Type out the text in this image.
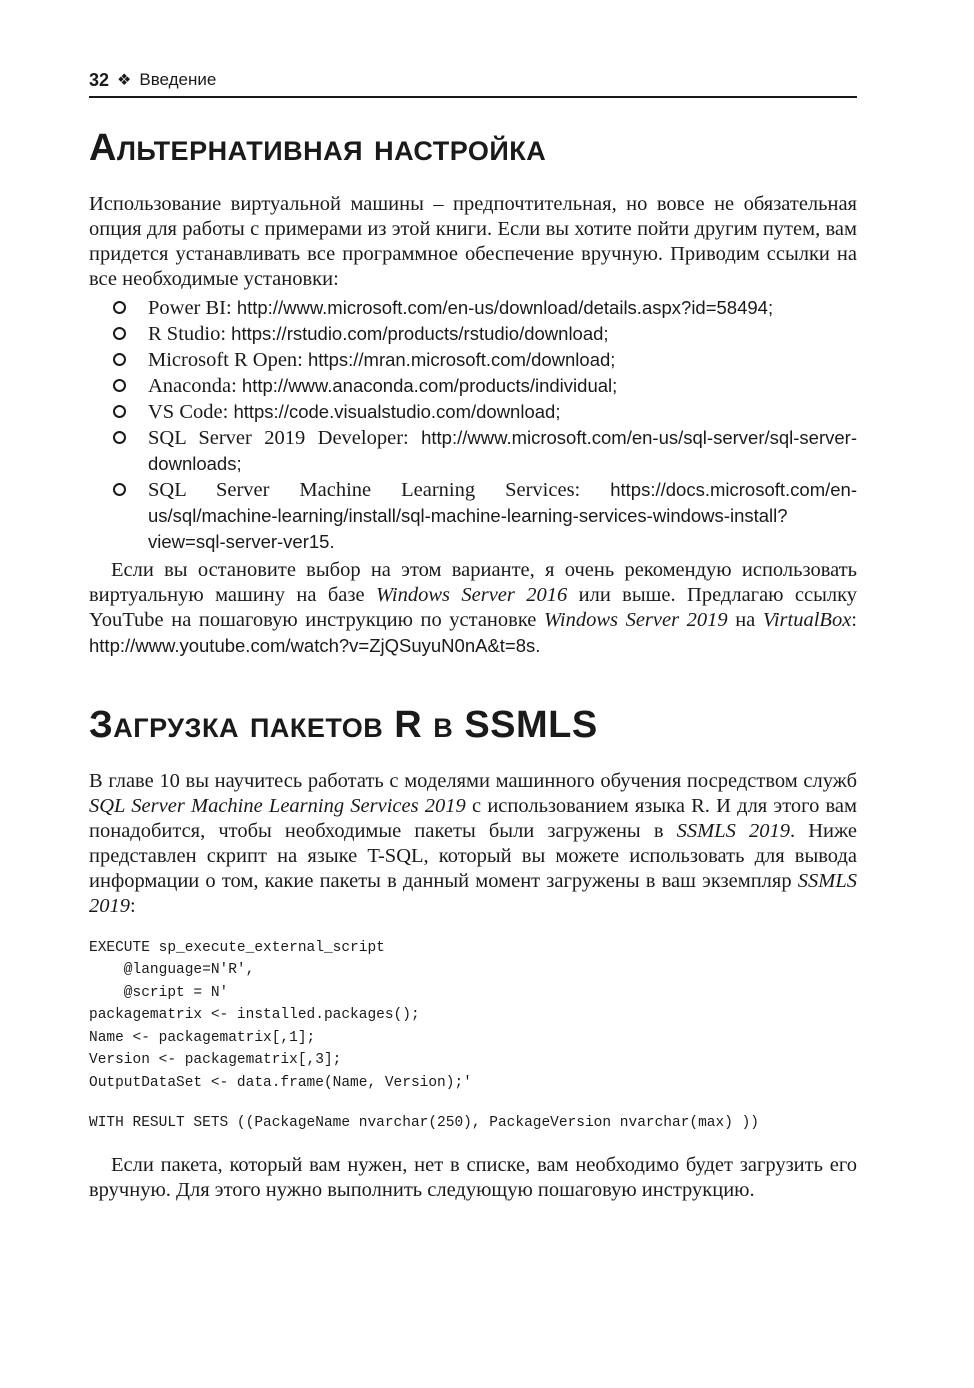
32 ❖ Введение
Альтернативная настройка

Использование виртуальной машины – предпочтительная, но вовсе не обязательная опция для работы с примерами из этой книги. Если вы хотите пойти другим путем, вам придется устанавливать все программное обеспечение вручную. Приводим ссылки на все необходимые установки:

Power BI: http://www.microsoft.com/en-us/download/details.aspx?id=58494;
R Studio: https://rstudio.com/products/rstudio/download;
Microsoft R Open: https://mran.microsoft.com/download;
Anaconda: http://www.anaconda.com/products/individual;
VS Code: https://code.visualstudio.com/download;
SQL Server 2019 Developer: http://www.microsoft.com/en-us/sql-server/sql-server-downloads;
SQL Server Machine Learning Services: https://docs.microsoft.com/en-us/sql/machine-learning/install/sql-machine-learning-services-windows-install?view=sql-server-ver15.

Если вы остановите выбор на этом варианте, я очень рекомендую использовать виртуальную машину на базе Windows Server 2016 или выше. Предлагаю ссылку YouTube на пошаговую инструкцию по установке Windows Server 2019 на VirtualBox: http://www.youtube.com/watch?v=ZjQSuyuN0nA&t=8s.

Загрузка пакетов R в SSMLS

В главе 10 вы научитесь работать с моделями машинного обучения посредством служб SQL Server Machine Learning Services 2019 с использованием языка R. И для этого вам понадобится, чтобы необходимые пакеты были загружены в SSMLS 2019. Ниже представлен скрипт на языке T-SQL, который вы можете использовать для вывода информации о том, какие пакеты в данный момент загружены в ваш экземпляр SSMLS 2019:

EXECUTE sp_execute_external_script
@language=N'R',
@script = N'
packagematrix <- installed.packages();
Name <- packagematrix[,1];
Version <- packagematrix[,3];
OutputDataSet <- data.frame(Name, Version);'
WITH RESULT SETS ((PackageName nvarchar(250), PackageVersion nvarchar(max) ))

Если пакета, который вам нужен, нет в списке, вам необходимо будет загрузить его вручную. Для этого нужно выполнить следующую пошаговую инструкцию.
